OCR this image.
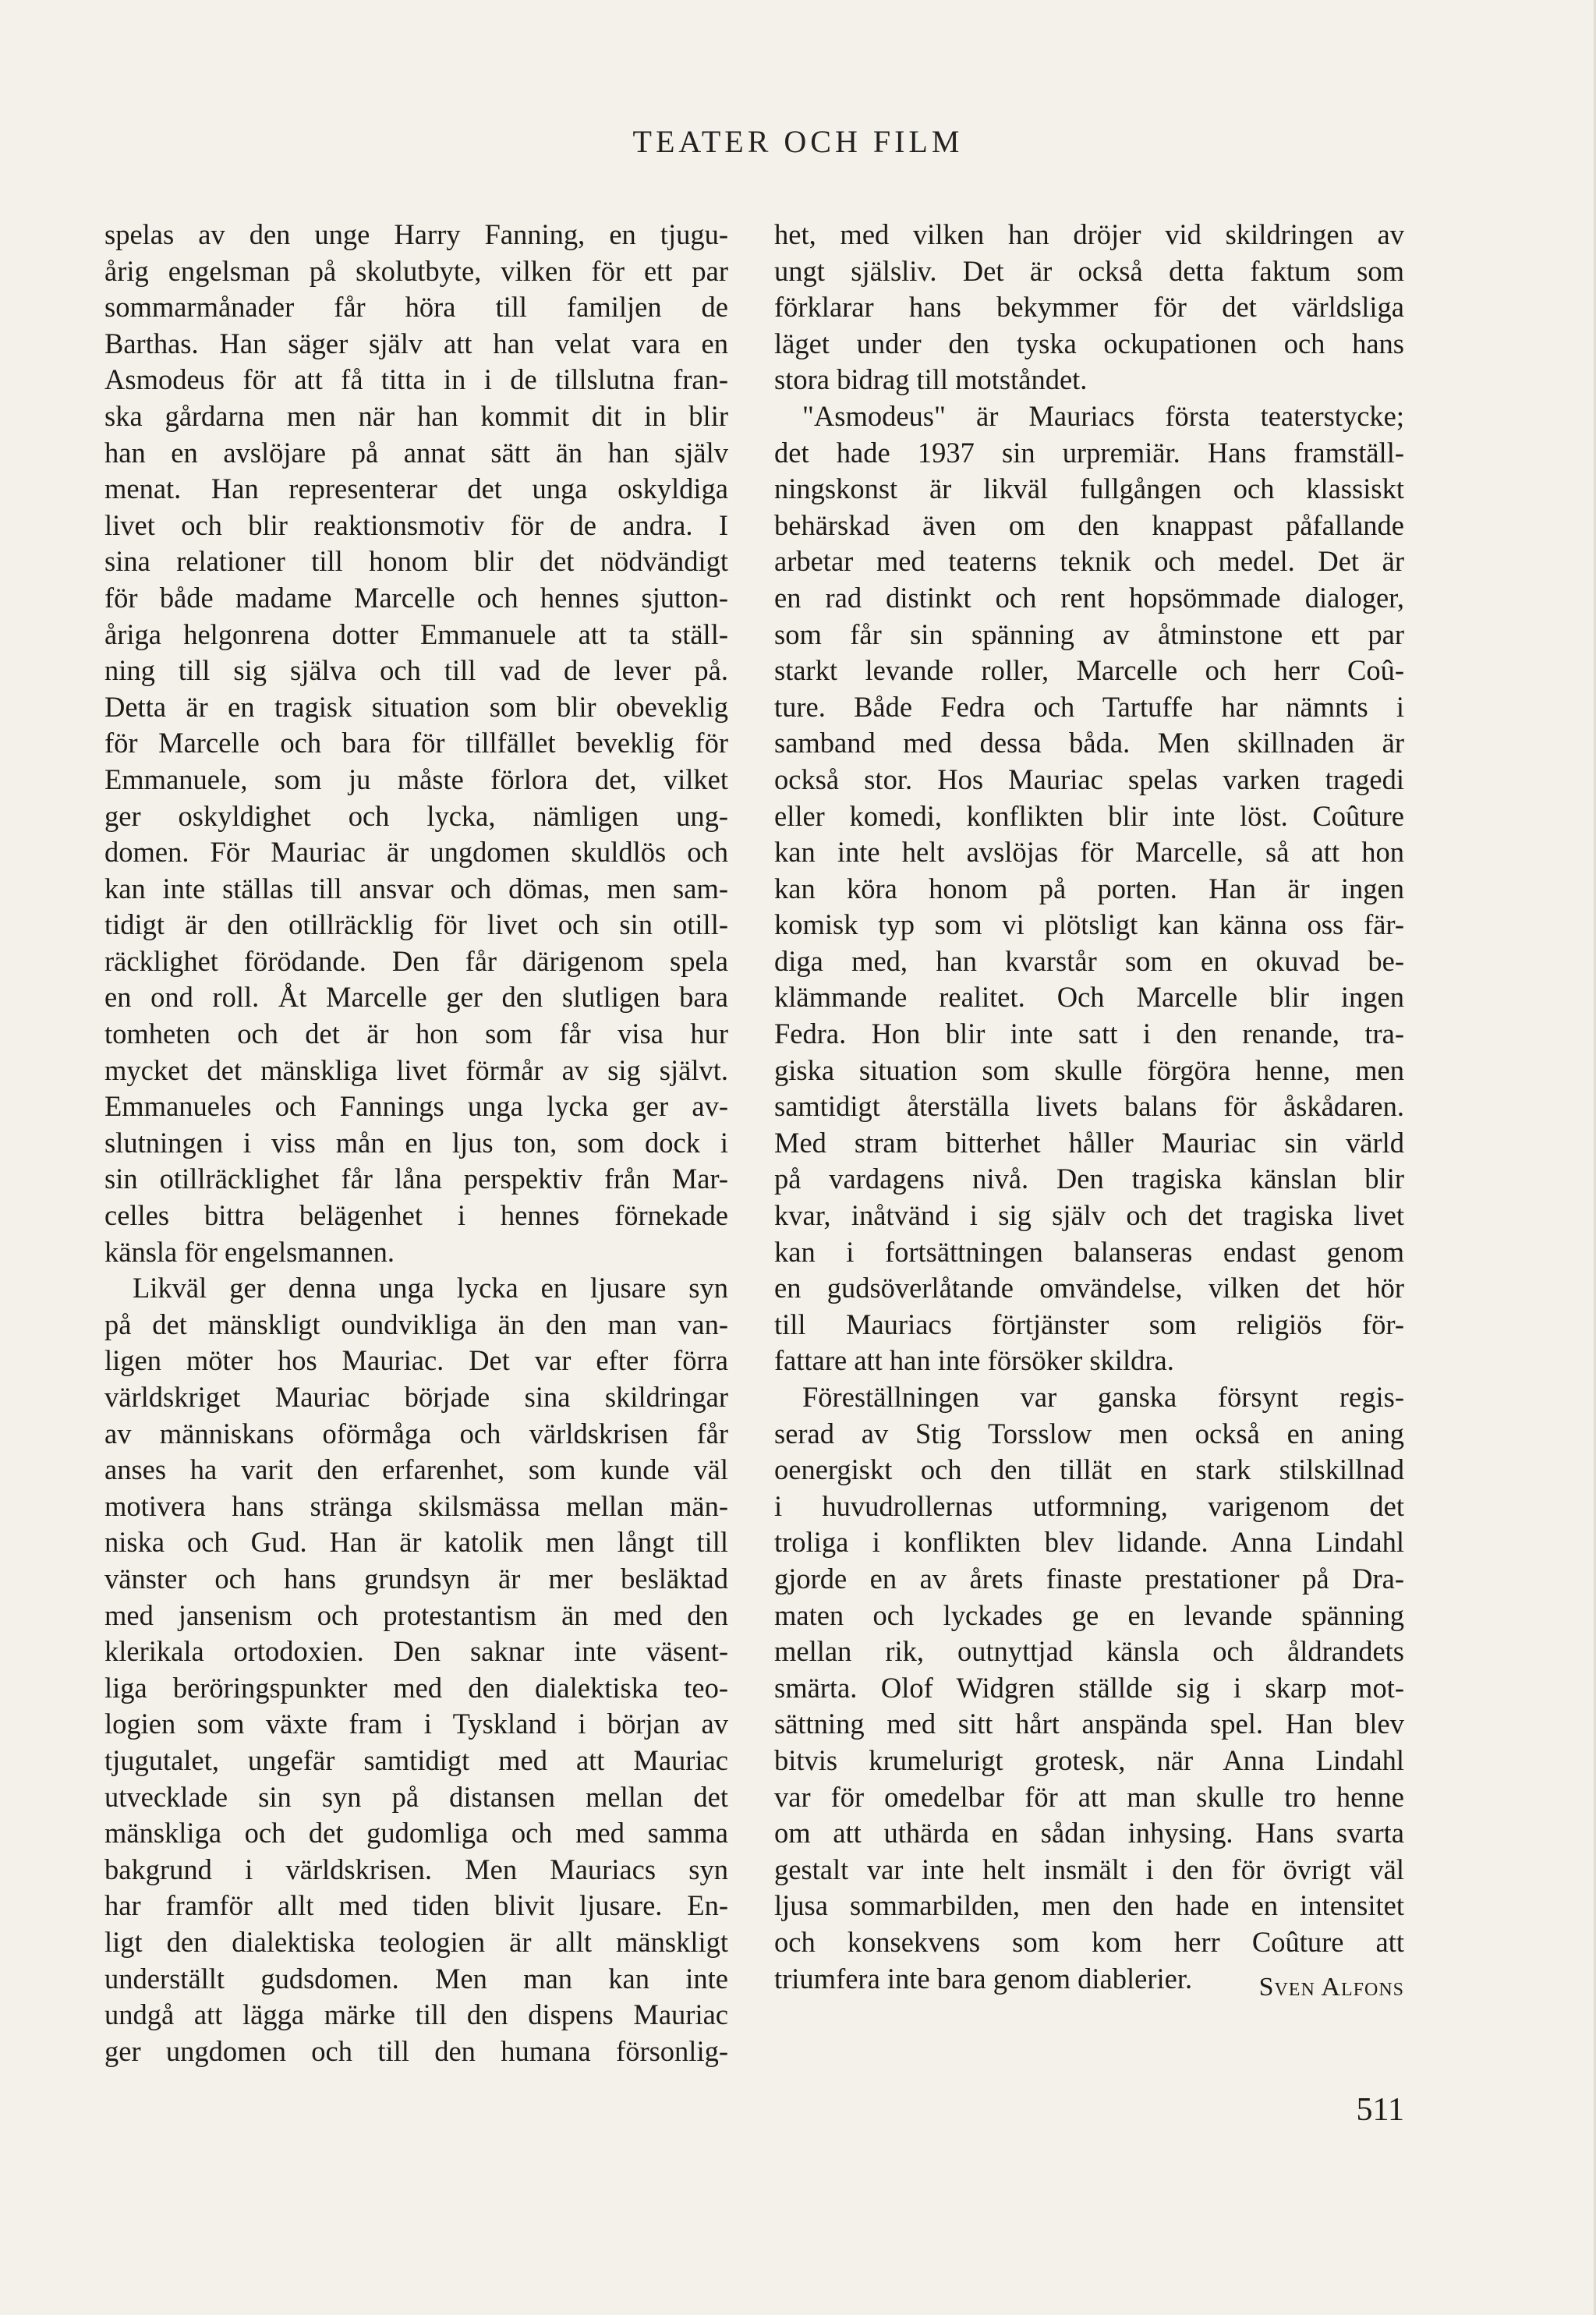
TEATER OCH FILM
spelas av den unge Harry Fanning, en tjugu-
årig engelsman på skolutbyte, vilken för ett par
sommarmånader får höra till familjen de
Barthas. Han säger själv att han velat vara en
Asmodeus för att få titta in i de tillslutna fran-
ska gårdarna men när han kommit dit in blir
han en avslöjare på annat sätt än han själv
menat. Han representerar det unga oskyldiga
livet och blir reaktionsmotiv för de andra. I
sina relationer till honom blir det nödvändigt
för både madame Marcelle och hennes sjutton-
åriga helgonrena dotter Emmanuele att ta ställ-
ning till sig själva och till vad de lever på.
Detta är en tragisk situation som blir obeveklig
för Marcelle och bara för tillfället beveklig för
Emmanuele, som ju måste förlora det, vilket
ger oskyldighet och lycka, nämligen ung-
domen. För Mauriac är ungdomen skuldlös och
kan inte ställas till ansvar och dömas, men sam-
tidigt är den otillräcklig för livet och sin otill-
räcklighet förödande. Den får därigenom spela
en ond roll. Åt Marcelle ger den slutligen bara
tomheten och det är hon som får visa hur
mycket det mänskliga livet förmår av sig självt.
Emmanueles och Fannings unga lycka ger av-
slutningen i viss mån en ljus ton, som dock i
sin otillräcklighet får låna perspektiv från Mar-
celles bittra belägenhet i hennes förnekade
känsla för engelsmannen.
Likväl ger denna unga lycka en ljusare syn
på det mänskligt oundvikliga än den man van-
ligen möter hos Mauriac. Det var efter förra
världskriget Mauriac började sina skildringar
av människans oförmåga och världskrisen får
anses ha varit den erfarenhet, som kunde väl
motivera hans stränga skilsmässa mellan män-
niska och Gud. Han är katolik men långt till
vänster och hans grundsyn är mer besläktad
med jansenism och protestantism än med den
klerikala ortodoxien. Den saknar inte väsent-
liga beröringspunkter med den dialektiska teo-
logien som växte fram i Tyskland i början av
tjugutalet, ungefär samtidigt med att Mauriac
utvecklade sin syn på distansen mellan det
mänskliga och det gudomliga och med samma
bakgrund i världskrisen. Men Mauriacs syn
har framför allt med tiden blivit ljusare. En-
ligt den dialektiska teologien är allt mänskligt
underställt gudsdomen. Men man kan inte
undgå att lägga märke till den dispens Mauriac
ger ungdomen och till den humana försonlig-
het, med vilken han dröjer vid skildringen av
ungt själsliv. Det är också detta faktum som
förklarar hans bekymmer för det världsliga
läget under den tyska ockupationen och hans
stora bidrag till motståndet.
"Asmodeus" är Mauriacs första teaterstycke;
det hade 1937 sin urpremiär. Hans framställ-
ningskonst är likväl fullgången och klassiskt
behärskad även om den knappast påfallande
arbetar med teaterns teknik och medel. Det är
en rad distinkt och rent hopsömmade dialoger,
som får sin spänning av åtminstone ett par
starkt levande roller, Marcelle och herr Coû-
ture. Både Fedra och Tartuffe har nämnts i
samband med dessa båda. Men skillnaden är
också stor. Hos Mauriac spelas varken tragedi
eller komedi, konflikten blir inte löst. Coûture
kan inte helt avslöjas för Marcelle, så att hon
kan köra honom på porten. Han är ingen
komisk typ som vi plötsligt kan känna oss fär-
diga med, han kvarstår som en okuvad be-
klämmande realitet. Och Marcelle blir ingen
Fedra. Hon blir inte satt i den renande, tra-
giska situation som skulle förgöra henne, men
samtidigt återställa livets balans för åskådaren.
Med stram bitterhet håller Mauriac sin värld
på vardagens nivå. Den tragiska känslan blir
kvar, inåtvänd i sig själv och det tragiska livet
kan i fortsättningen balanseras endast genom
en gudsöverlåtande omvändelse, vilken det hör
till Mauriacs förtjänster som religiös för-
fattare att han inte försöker skildra.
Föreställningen var ganska försynt regis-
serad av Stig Torsslow men också en aning
oenergiskt och den tillät en stark stilskillnad
i huvudrollernas utformning, varigenom det
troliga i konflikten blev lidande. Anna Lindahl
gjorde en av årets finaste prestationer på Dra-
maten och lyckades ge en levande spänning
mellan rik, outnyttjad känsla och åldrandets
smärta. Olof Widgren ställde sig i skarp mot-
sättning med sitt hårt anspända spel. Han blev
bitvis krumelurigt grotesk, när Anna Lindahl
var för omedelbar för att man skulle tro henne
om att uthärda en sådan inhysing. Hans svarta
gestalt var inte helt insmält i den för övrigt väl
ljusa sommarbilden, men den hade en intensitet
och konsekvens som kom herr Coûture att
triumfera inte bara genom diablerier.	Sven Alfons
511
